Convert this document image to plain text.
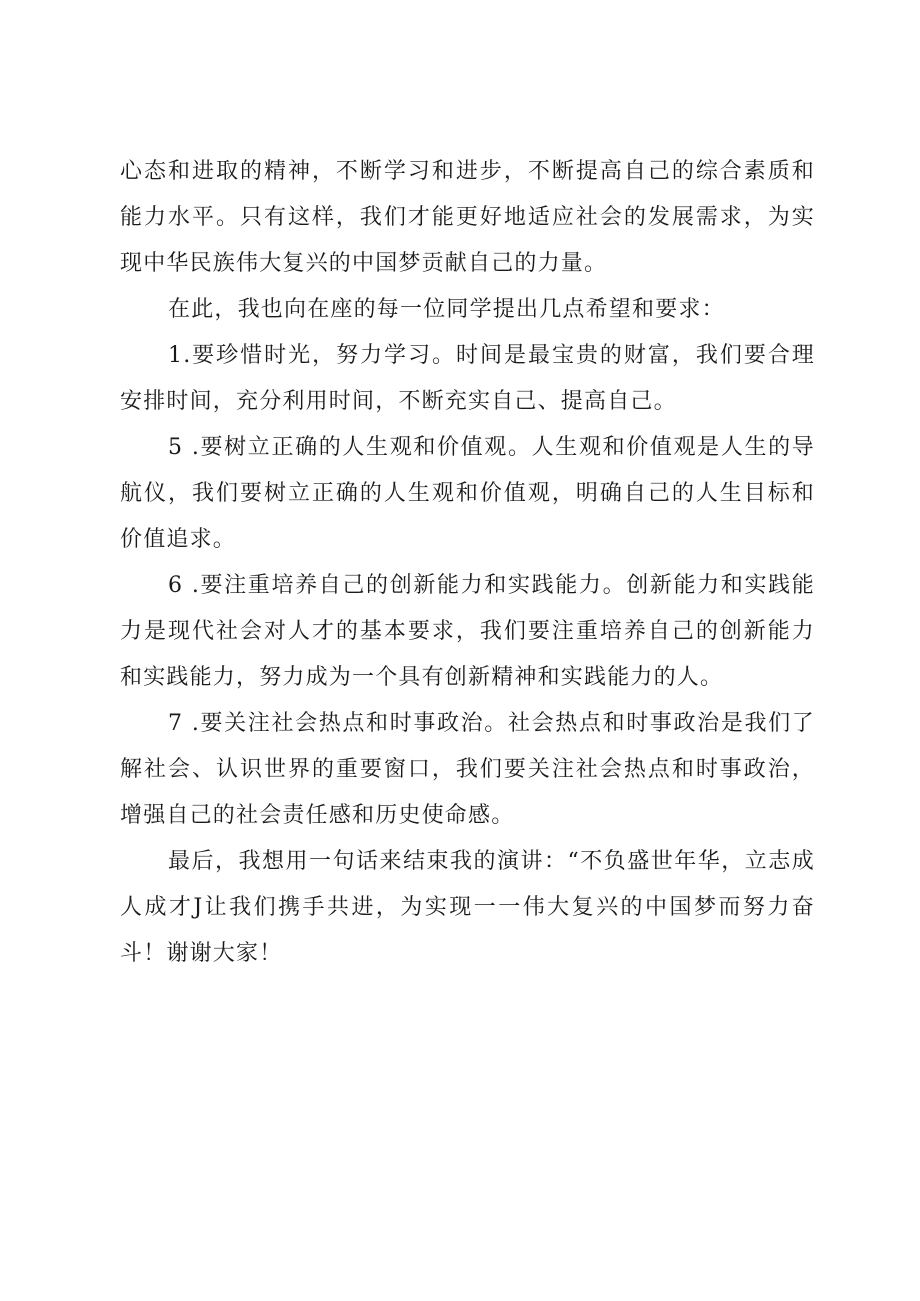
心态和进取的精神，不断学习和进步，不断提高自己的综合素质和能力水平。只有这样，我们才能更好地适应社会的发展需求，为实现中华民族伟大复兴的中国梦贡献自己的力量。

在此，我也向在座的每一位同学提出几点希望和要求：

1.要珍惜时光，努力学习。时间是最宝贵的财富，我们要合理安排时间，充分利用时间，不断充实自己、提高自己。

5 .要树立正确的人生观和价值观。人生观和价值观是人生的导航仪，我们要树立正确的人生观和价值观，明确自己的人生目标和价值追求。

6 .要注重培养自己的创新能力和实践能力。创新能力和实践能力是现代社会对人才的基本要求，我们要注重培养自己的创新能力和实践能力，努力成为一个具有创新精神和实践能力的人。

7 .要关注社会热点和时事政治。社会热点和时事政治是我们了解社会、认识世界的重要窗口，我们要关注社会热点和时事政治，增强自己的社会责任感和历史使命感。

最后，我想用一句话来结束我的演讲：“不负盛世年华，立志成人成才J让我们携手共进，为实现一一伟大复兴的中国梦而努力奋斗！谢谢大家！
